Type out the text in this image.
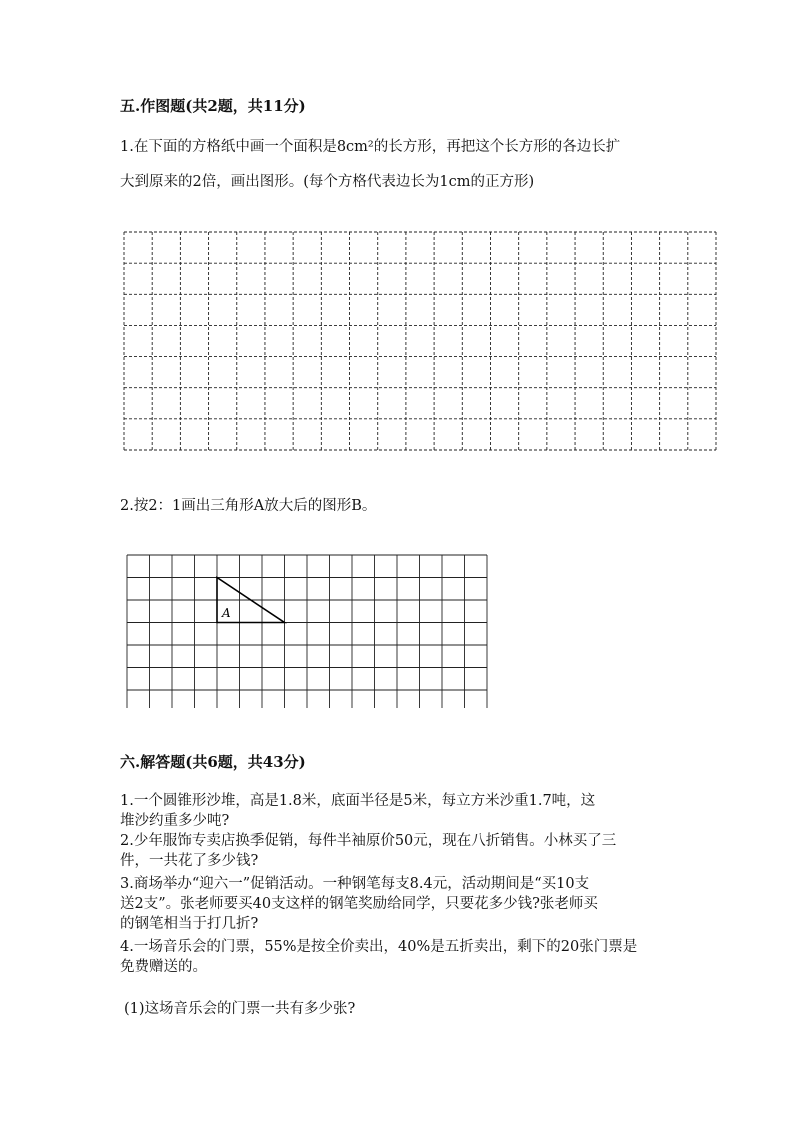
五.作图题(共2题，共11分)
1.在下面的方格纸中画一个面积是8cm²的长方形，再把这个长方形的各边长扩
大到原来的2倍，画出图形。(每个方格代表边长为1cm的正方形)
2.按2：1画出三角形A放大后的图形B。
A
六.解答题(共6题，共43分)
1.一个圆锥形沙堆，高是1.8米，底面半径是5米，每立方米沙重1.7吨，这
堆沙约重多少吨?
2.少年服饰专卖店换季促销，每件半袖原价50元，现在八折销售。小林买了三
件，一共花了多少钱?
3.商场举办“迎六一”促销活动。一种钢笔每支8.4元，活动期间是“买10支
送2支”。张老师要买40支这样的钢笔奖励给同学，只要花多少钱?张老师买
的钢笔相当于打几折?
4.一场音乐会的门票，55%是按全价卖出，40%是五折卖出，剩下的20张门票是
免费赠送的。
(1)这场音乐会的门票一共有多少张?
